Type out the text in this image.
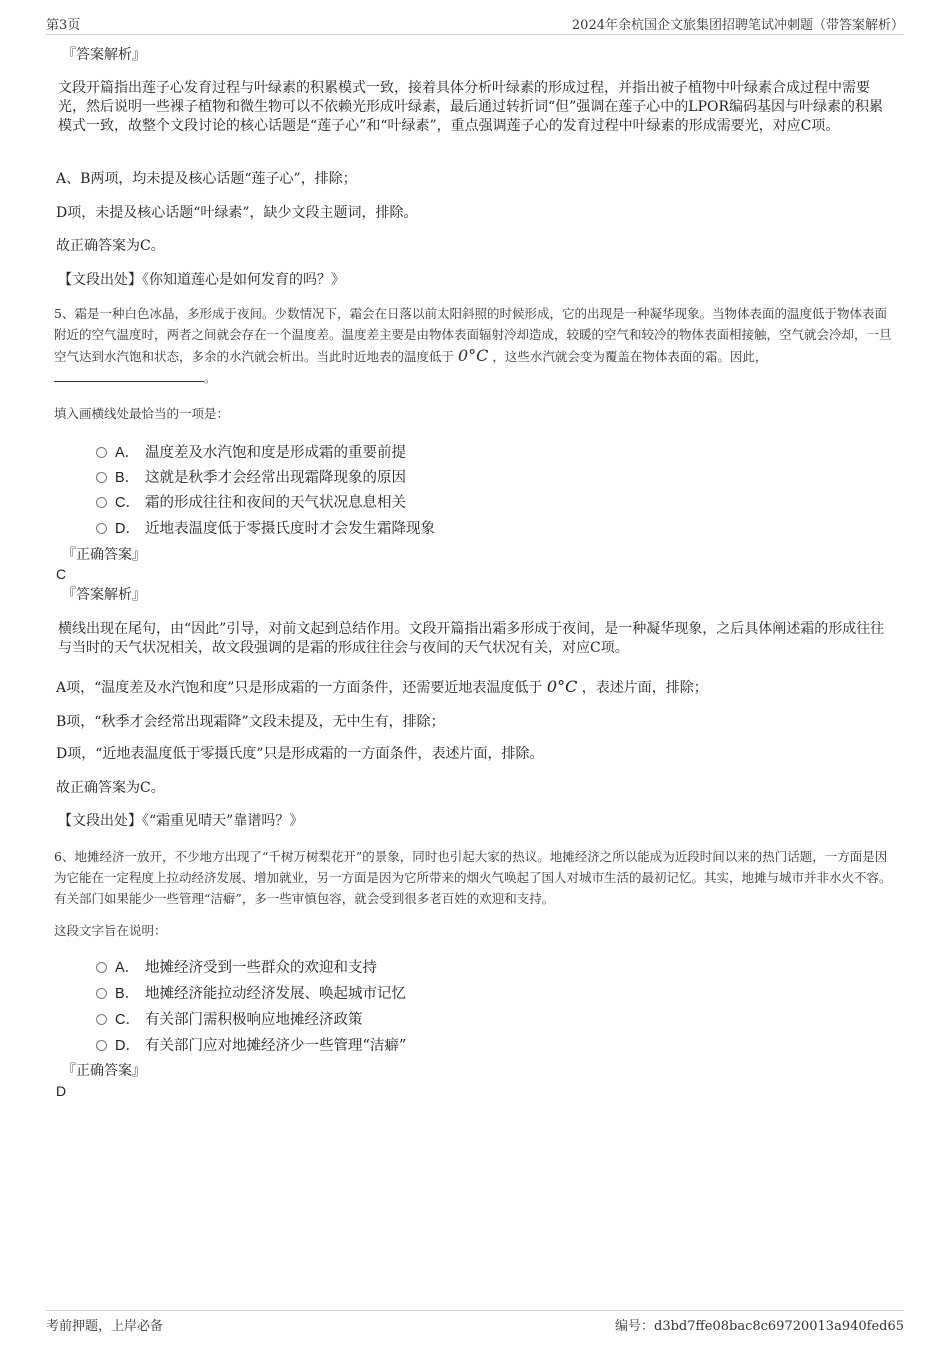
第3页	2024年余杭国企文旅集团招聘笔试冲刺题（带答案解析）
『答案解析』
文段开篇指出莲子心发育过程与叶绿素的积累模式一致，接着具体分析叶绿素的形成过程，并指出被子植物中叶绿素合成过程中需要光，然后说明一些裸子植物和微生物可以不依赖光形成叶绿素，最后通过转折词“但”强调在莲子心中的LPOR编码基因与叶绿素的积累模式一致，故整个文段讨论的核心话题是“莲子心”和“叶绿素”，重点强调莲子心的发育过程中叶绿素的形成需要光，对应C项。
A、B两项，均未提及核心话题“莲子心”，排除；
D项，未提及核心话题“叶绿素”，缺少文段主题词，排除。
故正确答案为C。
【文段出处】《你知道莲心是如何发育的吗？》
5、霜是一种白色冰晶，多形成于夜间。少数情况下，霜会在日落以前太阳斜照的时候形成，它的出现是一种凝华现象。当物体表面的温度低于物体表面附近的空气温度时，两者之间就会存在一个温度差。温度差主要是由物体表面辐射冷却造成，较暖的空气和较冷的物体表面相接触，空气就会冷却，一旦空气达到水汽饱和状态，多余的水汽就会析出。当此时近地表的温度低于 0°C ，这些水汽就会变为覆盖在物体表面的霜。因此， 。
填入画横线处最恰当的一项是：
A． 温度差及水汽饱和度是形成霜的重要前提
B． 这就是秋季才会经常出现霜降现象的原因
C． 霜的形成往往和夜间的天气状况息息相关
D． 近地表温度低于零摄氏度时才会发生霜降现象
『正确答案』
C
『答案解析』
横线出现在尾句，由“因此”引导，对前文起到总结作用。文段开篇指出霜多形成于夜间，是一种凝华现象，之后具体阐述霜的形成往往与当时的天气状况相关，故文段强调的是霜的形成往往会与夜间的天气状况有关，对应C项。
A项，“温度差及水汽饱和度”只是形成霜的一方面条件，还需要近地表温度低于 0°C ，表述片面，排除；
B项，“秋季才会经常出现霜降”文段未提及，无中生有，排除；
D项，“近地表温度低于零摄氏度”只是形成霜的一方面条件，表述片面，排除。
故正确答案为C。
【文段出处】《“霜重见晴天”靠谱吗？》
6、地摊经济一放开，不少地方出现了“千树万树梨花开”的景象，同时也引起大家的热议。地摊经济之所以能成为近段时间以来的热门话题，一方面是因为它能在一定程度上拉动经济发展、增加就业，另一方面是因为它所带来的烟火气唤起了国人对城市生活的最初记忆。其实，地摊与城市并非水火不容。有关部门如果能少一些管理“洁癖”，多一些审慎包容，就会受到很多老百姓的欢迎和支持。
这段文字旨在说明：
A． 地摊经济受到一些群众的欢迎和支持
B． 地摊经济能拉动经济发展、唤起城市记忆
C． 有关部门需积极响应地摊经济政策
D． 有关部门应对地摊经济少一些管理“洁癖”
『正确答案』
D
考前押题，上岸必备	编号：d3bd7ffe08bac8c69720013a940fed65
